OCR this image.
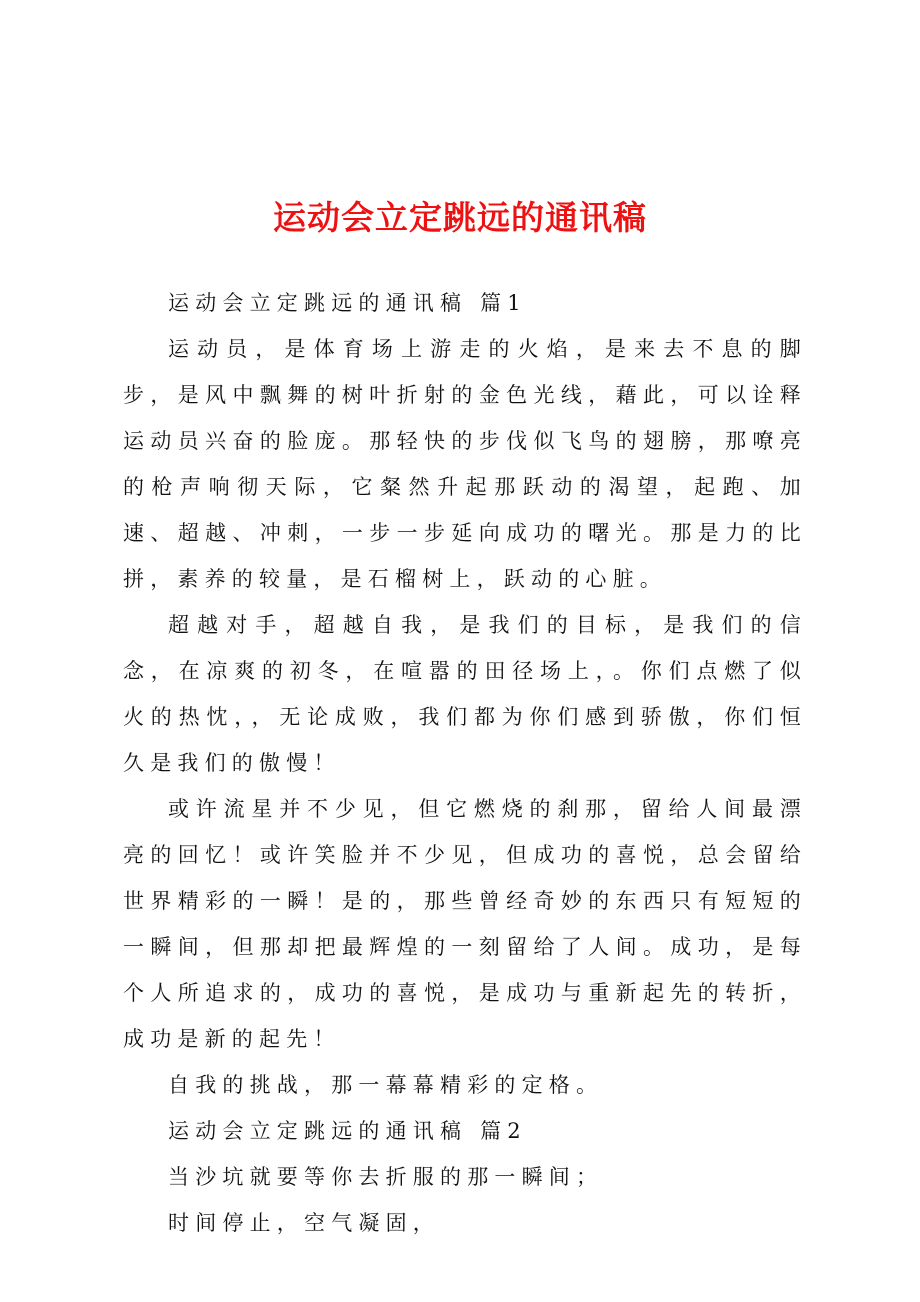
运动会立定跳远的通讯稿

运动会立定跳远的通讯稿 篇1

运动员，是体育场上游走的火焰，是来去不息的脚步，是风中飘舞的树叶折射的金色光线，藉此，可以诠释运动员兴奋的脸庞。那轻快的步伐似飞鸟的翅膀，那嘹亮的枪声响彻天际，它粲然升起那跃动的渴望，起跑、加速、超越、冲刺，一步一步延向成功的曙光。那是力的比拼，素养的较量，是石榴树上，跃动的心脏。

超越对手，超越自我，是我们的目标，是我们的信念，在凉爽的初冬，在喧嚣的田径场上，。你们点燃了似火的热忱，，无论成败，我们都为你们感到骄傲，你们恒久是我们的傲慢！

或许流星并不少见，但它燃烧的刹那，留给人间最漂亮的回忆！或许笑脸并不少见，但成功的喜悦，总会留给世界精彩的一瞬！是的，那些曾经奇妙的东西只有短短的一瞬间，但那却把最辉煌的一刻留给了人间。成功，是每个人所追求的，成功的喜悦，是成功与重新起先的转折，成功是新的起先！

自我的挑战，那一幕幕精彩的定格。

运动会立定跳远的通讯稿 篇2

当沙坑就要等你去折服的那一瞬间；

时间停止，空气凝固，
